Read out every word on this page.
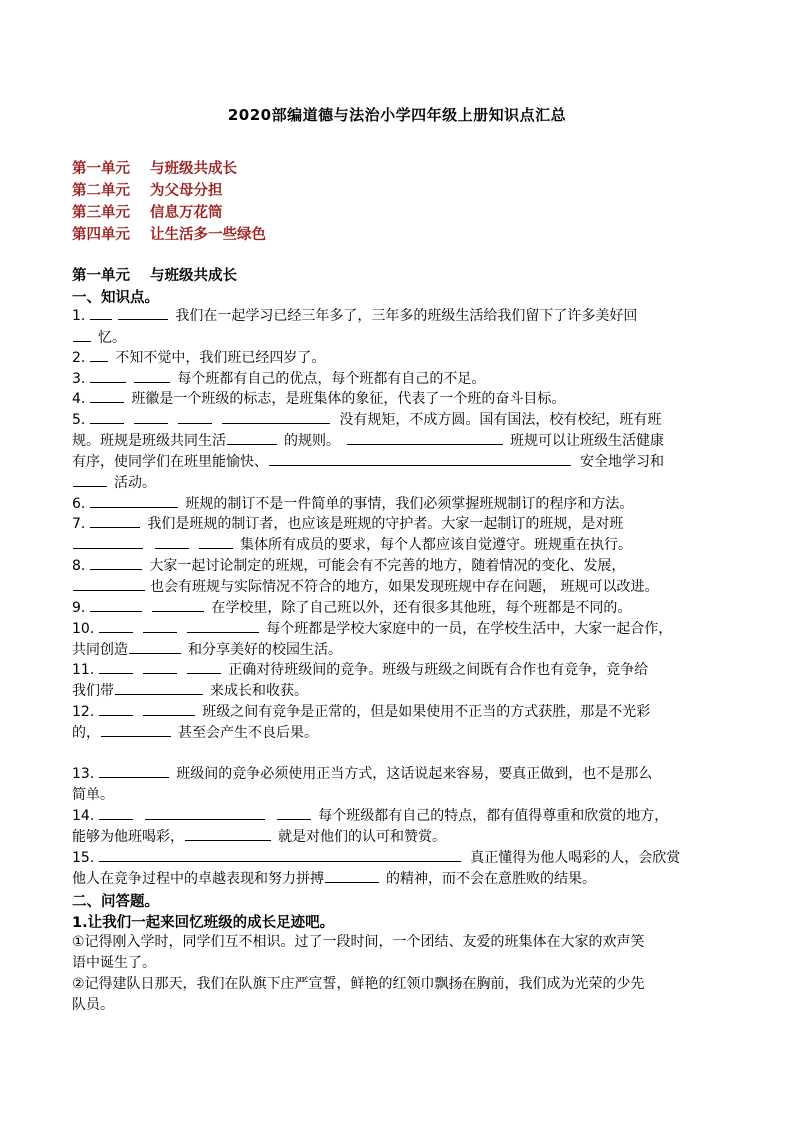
2020部编道德与法治小学四年级上册知识点汇总
第一单元 与班级共成长
第二单元 为父母分担
第三单元 信息万花筒
第四单元 让生活多一些绿色
第一单元 与班级共成长
一、知识点。
1.	我们在一起学习已经三年多了，三年多的班级生活给我们留下了许多美好回
忆。
2. 不知不觉中，我们班已经四岁了。
3.	每个班都有自己的优点，每个班都有自己的不足。
4.	班徽是一个班级的标志，是班集体的象征，代表了一个班的奋斗目标。
5.	没有规矩，不成方圆。国有国法，校有校纪，班有班
规。班规是班级共同生活	的规则。	班规可以让班级生活健康
有序，使同学们在班里能愉快、	安全地学习和
活动。
6.	班规的制订不是一件简单的事情，我们必须掌握班规制订的程序和方法。
7.	我们是班规的制订者，也应该是班规的守护者。大家一起制订的班规，是对班
集体所有成员的要求，每个人都应该自觉遵守。班规重在执行。
8.	大家一起讨论制定的班规，可能会有不完善的地方，随着情况的变化、发展，
也会有班规与实际情况不符合的地方，如果发现班规中存在问题， 班规可以改进。
9.	在学校里，除了自己班以外，还有很多其他班，每个班都是不同的。
10.	每个班都是学校大家庭中的一员，在学校生活中，大家一起合作，
共同创造	和分享美好的校园生活。
11.	正确对待班级间的竞争。班级与班级之间既有合作也有竞争，竞争给
我们带	来成长和收获。
12.	班级之间有竞争是正常的，但是如果使用不正当的方式获胜，那是不光彩
的，	甚至会产生不良后果。
13.	班级间的竞争必须使用正当方式，这话说起来容易，要真正做到，也不是那么
简单。
14.	每个班级都有自己的特点，都有值得尊重和欣赏的地方，
能够为他班喝彩，	就是对他们的认可和赞赏。
15.	真正懂得为他人喝彩的人，会欣赏
他人在竞争过程中的卓越表现和努力拼搏	的精神，而不会在意胜败的结果。
二、问答题。
1.让我们一起来回忆班级的成长足迹吧。
①记得刚入学时，同学们互不相识。过了一段时间，一个团结、友爱的班集体在大家的欢声笑
语中诞生了。
②记得建队日那天，我们在队旗下庄严宣誓，鲜艳的红领巾飘扬在胸前，我们成为光荣的少先
队员。
